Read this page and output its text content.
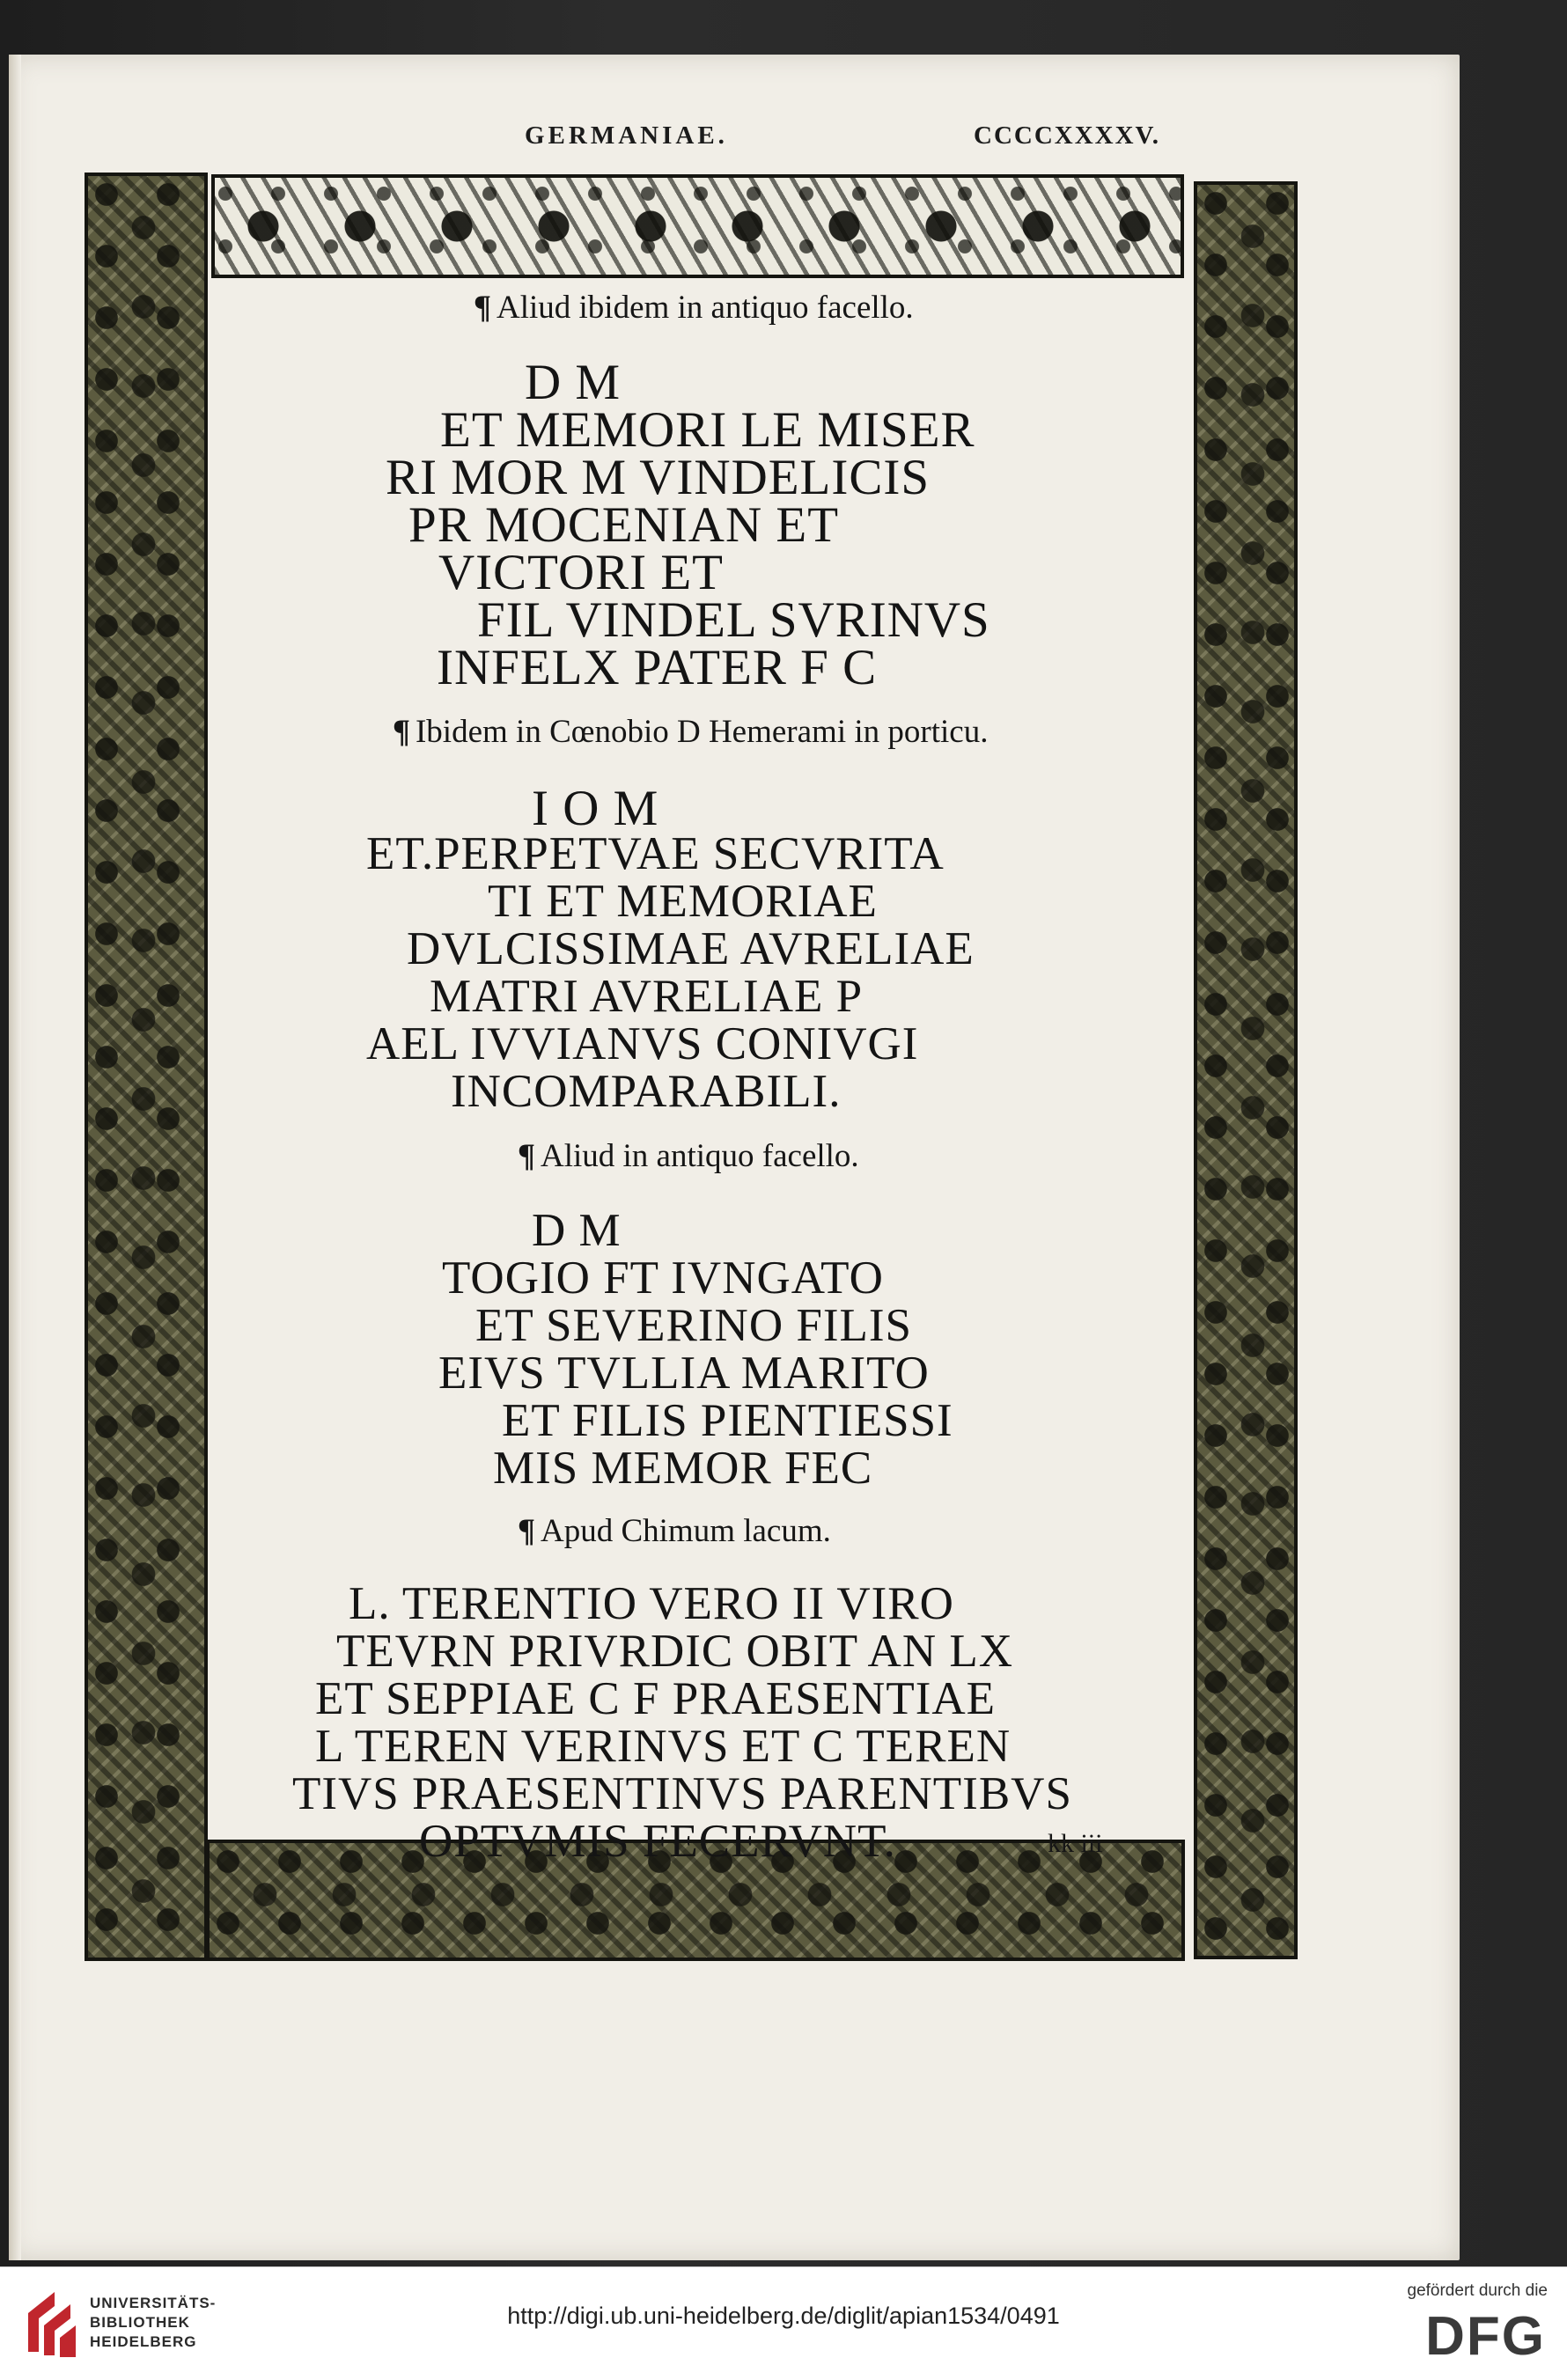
GERMANIAE.	CCCCXXXXV.
¶ Aliud ibidem in antiquo facello.
D M
ET MEMORI LE MISER
RI MOR M VINDELICIS
PR MOCENIAN ET
VICTORI ET
FIL VINDEL SVRINVS
INFELX PATER F C
¶ Ibidem in Cœnobio D Hemerami in porticu.
I O M
ET.PERPETVAE SECVRITA
TI ET MEMORIAE
DVLCISSIMAE AVRELIAE
MATRI AVRELIAE P
AEL IVVIANVS CONIVGI
INCOMPARABILI.
¶ Aliud in antiquo facello.
D M
TOGIO FT IVNGATO
ET SEVERINO FILIS
EIVS TVLLIA MARITO
ET FILIS PIENTIESSI
MIS MEMOR FEC
¶ Apud Chimum lacum.
L. TERENTIO VERO II VIRO
TEVRN PRIVRDIC OBIT AN LX
ET SEPPIAE C F PRAESENTIAE
L TEREN VERINVS ET C TEREN
TIVS PRAESENTINVS PARENTIBVS
OPTVMIS FECERVNT.	kk iii
UNIVERSITÄTS-
BIBLIOTHEK
HEIDELBERG
http://digi.ub.uni-heidelberg.de/diglit/apian1534/0491
gefördert durch die
DFG
